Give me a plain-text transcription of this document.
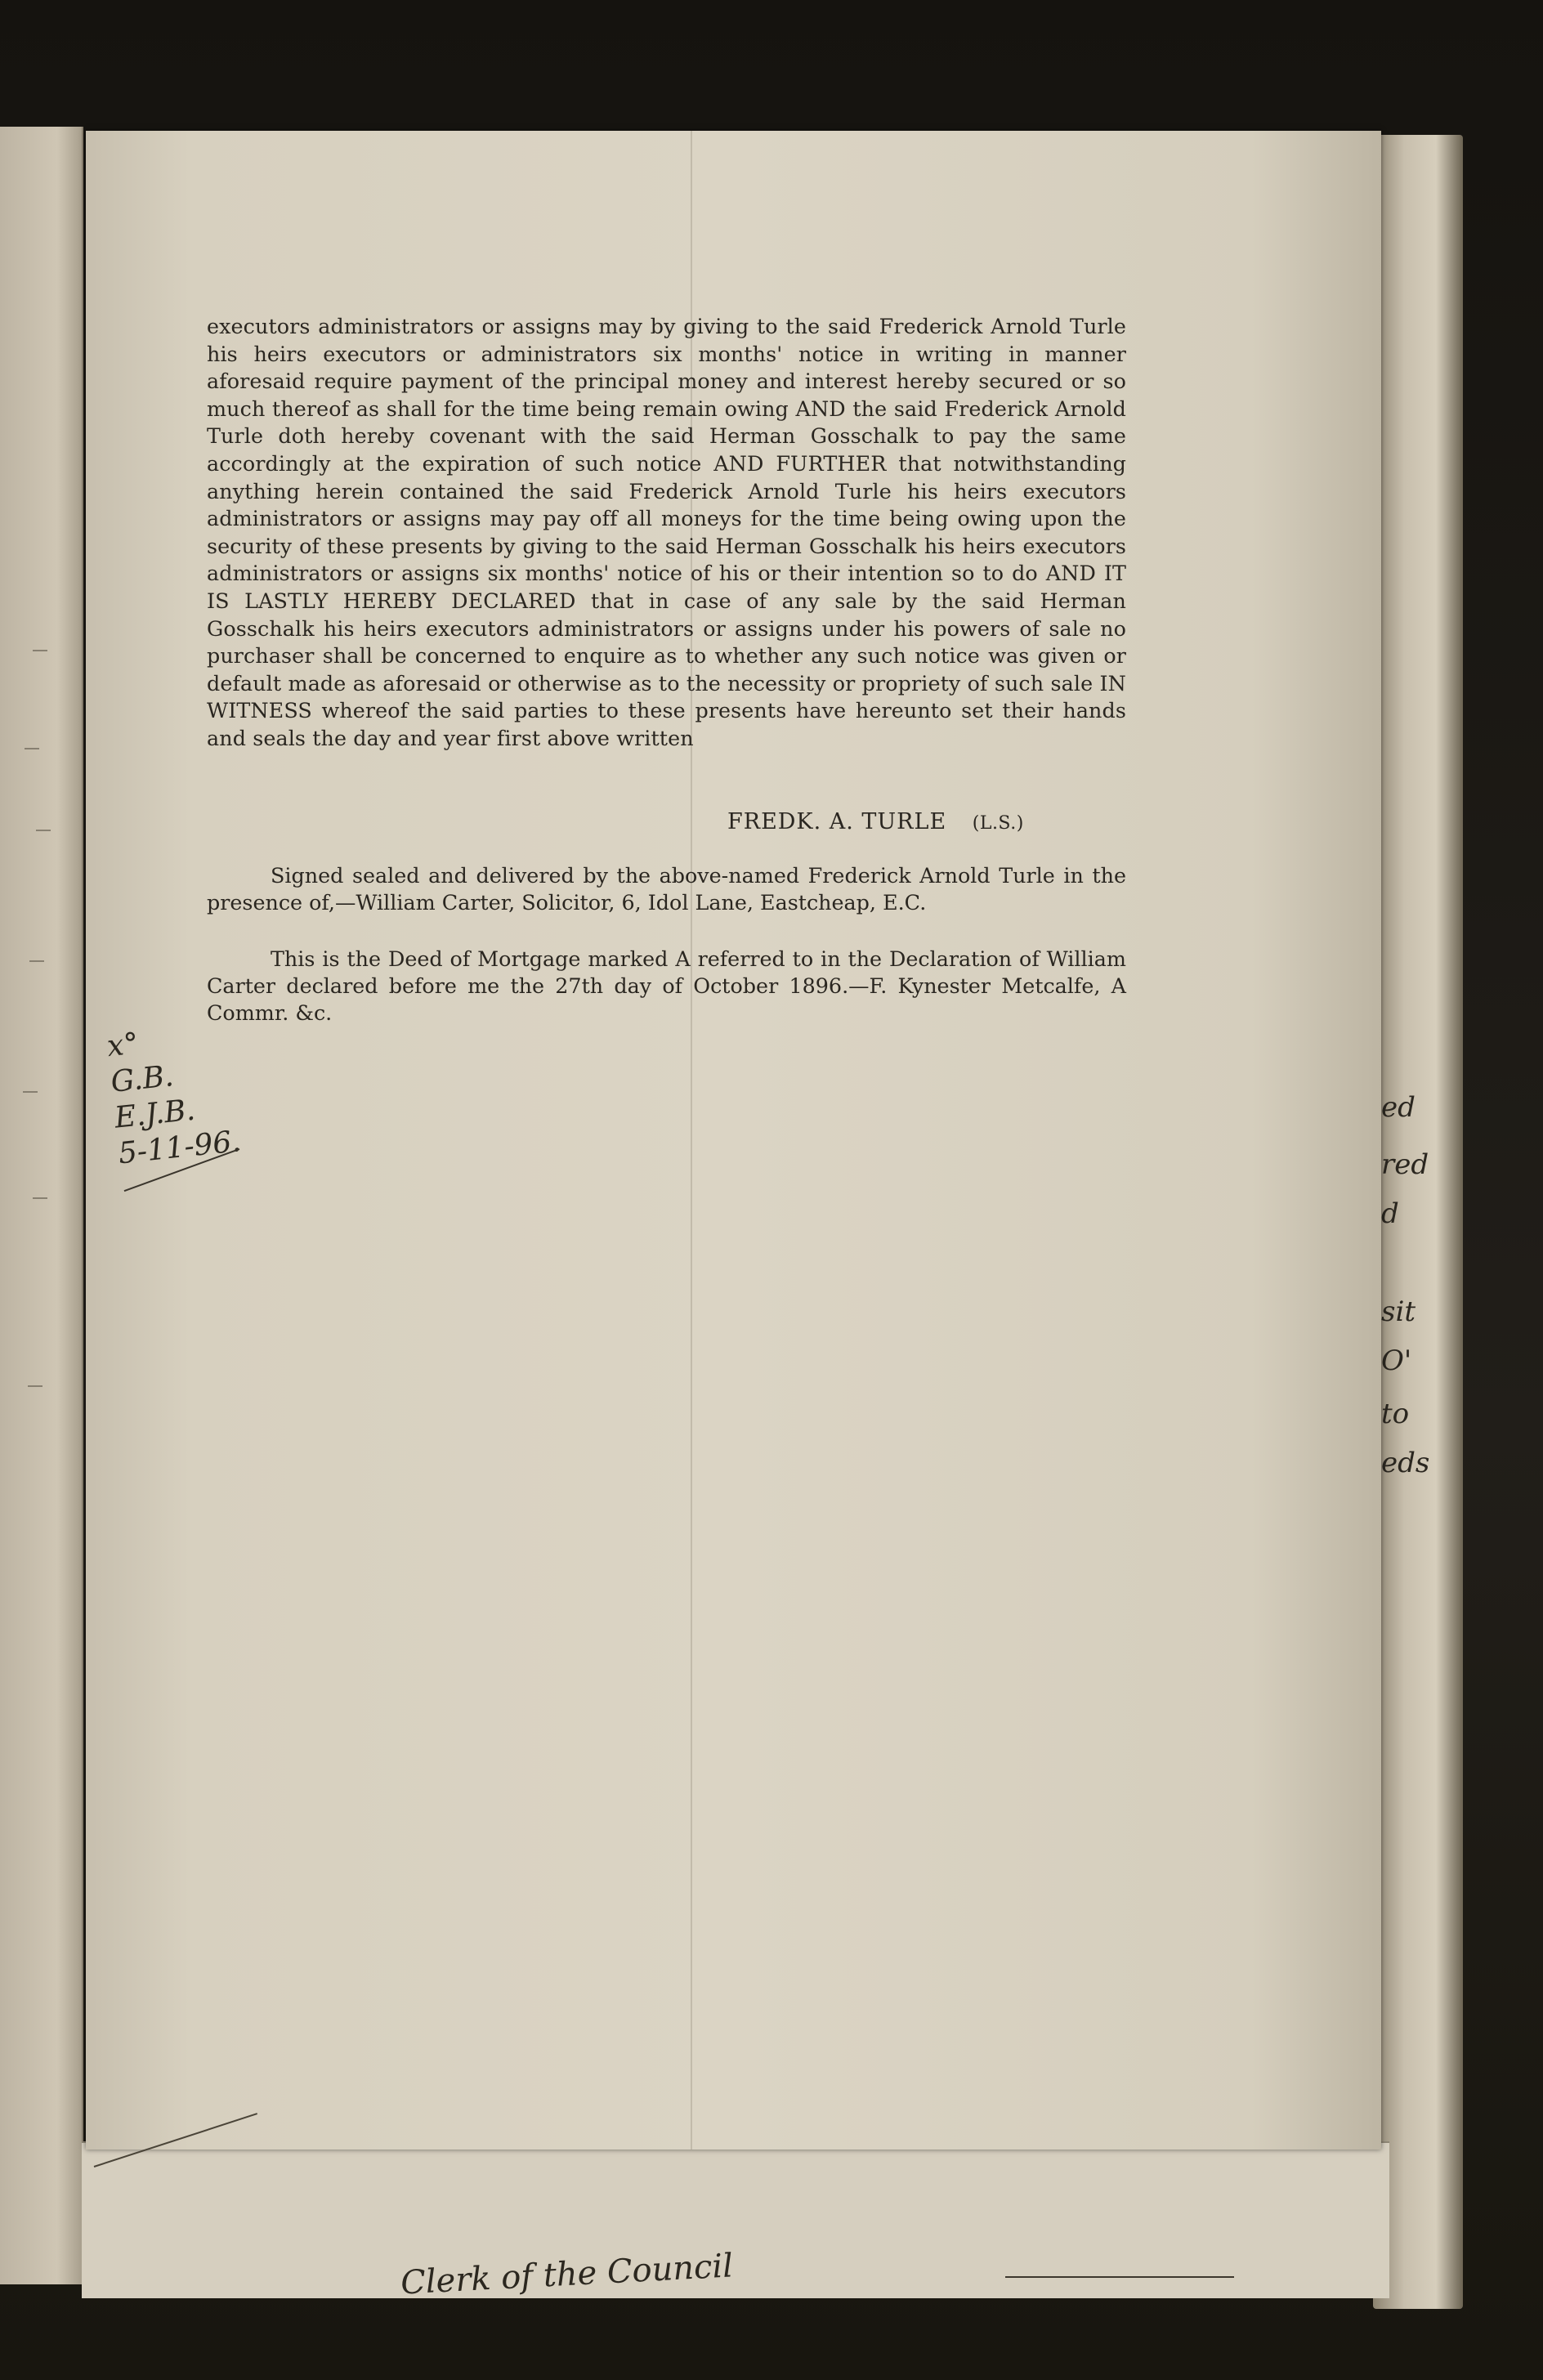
ed
red
d
sit
O'
to
eds
executors administrators or assigns may by giving to the said Frederick Arnold Turle his heirs executors or administrators six months' notice in writing in manner aforesaid require payment of the principal money and interest hereby secured or so much thereof as shall for the time being remain owing AND the said Frederick Arnold Turle doth hereby covenant with the said Herman Gosschalk to pay the same accordingly at the expiration of such notice AND FURTHER that notwithstanding anything herein contained the said Frederick Arnold Turle his heirs executors administrators or assigns may pay off all moneys for the time being owing upon the security of these presents by giving to the said Herman Gosschalk his heirs executors administrators or assigns six months' notice of his or their intention so to do AND IT IS LASTLY HEREBY DECLARED that in case of any sale by the said Herman Gosschalk his heirs executors administrators or assigns under his powers of sale no purchaser shall be concerned to enquire as to whether any such notice was given or default made as aforesaid or otherwise as to the necessity or propriety of such sale IN WITNESS whereof the said parties to these presents have hereunto set their hands and seals the day and year first above written
FREDK. A. TURLE (L.S.)
Signed sealed and delivered by the above-named Frederick Arnold Turle in the presence of,—William Carter, Solicitor, 6, Idol Lane, Eastcheap, E.C.
This is the Deed of Mortgage marked A referred to in the Declaration of William Carter declared before me the 27th day of October 1896.—F. Kynester Metcalfe, A Commr. &c.
x°
G.B.
E.J.B.
5-11-96.
Clerk of the Council
